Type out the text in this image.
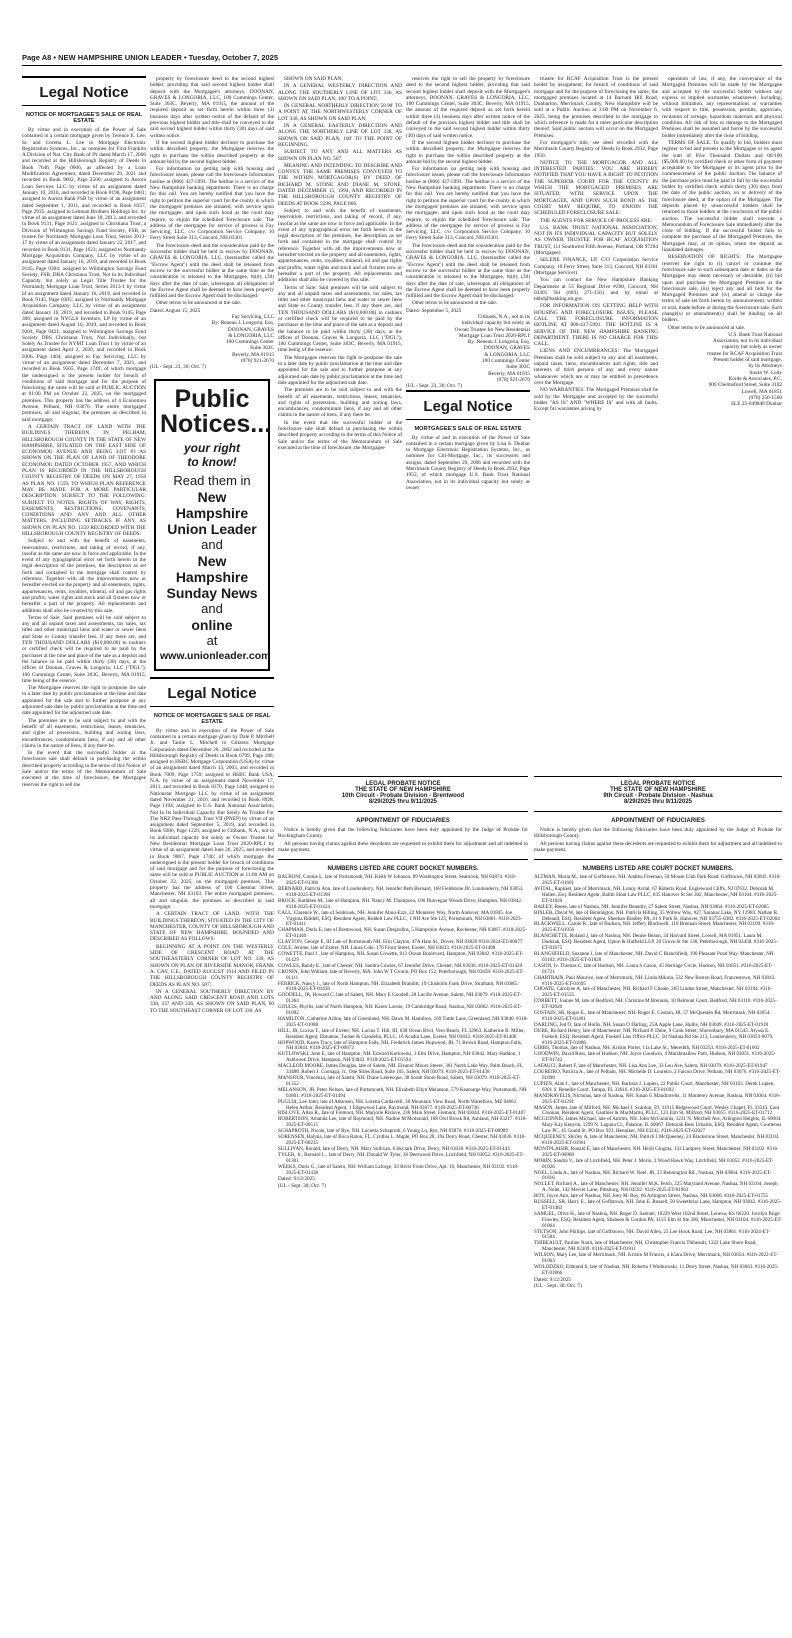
Page A8 • NEW HAMPSHIRE UNION LEADER • Tuesday, October 7, 2025
Legal Notice
NOTICE OF MORTGAGEE'S SALE OF REAL ESTATE

By virtue and in execution of the Power of Sale contained in a certain mortgage given by Terence E. Lee, Sr. and Coretta L. Lee to Mortgage Electronic Registration Systems, Inc., as nominee for First Franklin A Division of Nat. City Bank of IN dated March 17, 2006 and recorded at the Hillsborough Registry of Deeds in Book 7646, Page 0606, as affected by a Loan Modification Agreement, dated December 29, 2021 and recorded in Book 9602, Page 2500; assigned to Aurora Loan Services LLC by virtue of an assignment dated January 10, 2010, and recorded in Book 8196, Page 0481; assigned to Aurora Bank FSB by virtue of an assignment dated September 1, 2011, and recorded in Book 8357, Page 2935; assigned to Lehman Brothers Holdings Inc. by virtue of an assignment dated June 18, 2013, and recorded in Book 9131, Page 1621; assigned to Christiana Trust, a Division of Wilmington Savings Fund Society, FSB, as trustee for Normandy Mortgage Loan Trust, Series 2013-17 by virtue of an assignment dated January 22, 2017, and recorded in Book 9131, Page 1623; assigned to Normandy Mortgage Acquisition Company, LLC by virtue of an assignment dated January 16, 2019, and recorded in Book 9145, Page 0304; assigned to Wilmington Savings Fund Society, FSB, DBA Christiana Trust, Not in its Individual Capacity, but solely as Legal Title Trustee for the Normandy Mortgage Loan Trust, Series 2013-1 by virtue of an assignment dated January 16, 2019, and recorded in Book 9145, Page 0305; assigned to Normandy Mortgage Acquisition Company, LLC by virtue of an assignment dated January 16, 2019, and recorded in Book 9145, Page 306; assigned to NYGLS Investors, LP by virtue of an assignment dated August 16, 2019, and recorded in Book 9204, Page 0421; assigned to Wilmington Savings Fund Society DBS Christiana Trust, Not Individually, but Solely As Trustee for NYMT Loan Trust 1 by virtue of an assignment dated April 2, 2020, and recorded in Book 9306, Page 1404; assigned to Fay Servicing, LLC by virtue of an assignment dated December 7, 2021, and recorded in Book 9565, Page 1749; of which mortgage the undersigned is the present holder for breach of conditions of said mortgage and for the purpose of foreclosing the same will be sold at PUBLIC AUCTION at 01:00 PM on October 22, 2025, on the mortgaged premises. This property has the address of 4 Economou Avenue, Pelham, NH 03076. The entire mortgaged premises, all and singular, the premises as described in said mortgage:

A CERTAIN TRACT OF LAND WITH THE BUILDINGS THEREON IN PELHAM, HILLSBOROUGH COUNTY IN THE STATE OF NEW HAMPSHIRE, SITUATED ON THE EAST SIDE OF ECONOMOU AVENUE AND BEING LOT #3 AS SHOWN ON THE PLAN OF LAND OF THEODORE ECONOMOU DATED OCTOBER 1957, AND WHICH PLAN IS RECORDED IN THE HILLSBOROUGH COUNTY REGISTRY OF DEEDS ON MAY 27, 1958 AS PLAN NO. 1559. TO WHICH PLAN REFERENCE MAY BE MADE FOR A MORE PARTICULAR DESCRIPTION. SUBJECT TO THE FOLLOWING: SUBJECT TO NOTES, RIGHTS OF WAY, RIGHTS, EASEMENTS, RESTRICTIONS, COVENANTS, CONDITIONS AND ANY AND ALL OTHER MATTERS, INCLUDING SETBACKS IF ANY, AS SHOWN ON PLAN NO. 1559 RECORDED WITH THE HILLSBOROUGH COUNTY REGISTRY OF DEEDS.

Subject to and with the benefit of easements, reservations, restrictions, and taking of record, if any, insofar as the same are now in force and applicable. In the event of any typographical error set forth herein in the legal description of the premises, the description as set forth and contained in the mortgage shall control by reference. Together with all the improvements now or hereafter erected on the property and all easements, rights, appurtenances, rents, royalties, mineral, oil and gas rights and profits, water rights and stock and all fixtures now or hereafter a part of the property. All replacements and additions shall also be covered by this sale.

Terms of Sale: Said premises will be sold subject to any and all unpaid taxes and assessments, tax sales, tax titles and other municipal liens and water or sewer liens and State or County transfer fees, if any there are, and TEN THOUSAND DOLLARS ($10,000.00) in cashiers or certified check will be required to be paid by the purchaser at the time and place of the sale as a deposit and the balance to be paid within thirty (30) days, at the offices of Doonan, Graves & Longoria, LLC ("DGL"), 100 Cummings Center, Suite 303C, Beverly, MA 01915, time being of the essence.

The Mortgagee reserves the right to postpone the sale to a later date by public proclamation at the time and date appointed for the sale and to further postpone at any adjourned sale date by public proclamation at the time and date appointed for the adjourned sale date.

The premises are to be sold subject to and with the benefit of all easements, restrictions, leases, tenancies, and rights of possession, building and zoning laws, encumbrances, condominium liens, if any and all other claims in the nature of liens, if any there be.

In the event that the successful bidder at the foreclosure sale shall default in purchasing the within described property according to the terms of this Notice of Sale and/or the terms of the Memorandum of Sale executed at the time of foreclosure, the Mortgagee reserves the right to sell the

property by foreclosure deed to the second highest bidder, providing that said second highest bidder shall deposit with the Mortgagee's attorneys, DOONAN, GRAVES & LONGORIA, LLC, 100 Cummings Center, Suite 303C, Beverly, MA 01915, the amount of the required deposit as set forth herein within three (3) business days after written notice of the default of the previous highest bidder and title shall be conveyed to the said second highest bidder within thirty (30) days of said written notice.

If the second highest bidder declines to purchase the within described property, the Mortgagee reserves the right to purchase the within described property at the amount bid by the second highest bidder.

For information on getting help with housing and foreclosure issues, please call the foreclosure information hotline at (800) 437-5991. The hotline is a service of the New Hampshire banking department. There is no charge for this call. You are hereby notified that you have the right to petition the superior court for the county in which the mortgaged premises are situated, with service upon the mortgagee, and upon such bond as the court may require, to enjoin the scheduled foreclosure sale. The address of the mortgagee for service of process is Fay Servicing, LLC, c/o Corporation Service Company, 10 Ferry Street Suite 313, Concord, NH 03301.

The foreclosure deed and the consideration paid by the successful bidder shall be held in escrow by DOONAN, GRAVES & LONGORIA, LLC, (hereinafter called the "Escrow Agent") until the deed shall be released from escrow to the successful bidder at the same time as the consideration is released to the Mortgagee, thirty (30) days after the date of sale, whereupon all obligations of the Escrow Agent shall be deemed to have been properly fulfilled and the Escrow Agent shall be discharged.

Other terms to be announced at the sale.

Dated: August 15, 2025

Fay Servicing, LLC

By: Reneau J. Longoria, Esq.

DOONAN, GRAVES

& LONGORIA, LLC

100 Cummings Center

Suite 303C

Beverly, MA 01915

(978) 921-2670

(UL - Sept. 23, 30; Oct. 7)

Public
Notices...
your right
to know!
Read them in
New Hampshire
Union Leader
and
New Hampshire
Sunday News
and
online
at
www.unionleader.com
Legal Notice
NOTICE OF MORTGAGEE'S SALE OF REAL ESTATE

By virtue and in execution of the Power of Sale contained in a certain mortgage given by Dale P. Mitchell Jr. and Tamie L. Mitchell to Citizens Mortgage Corporation dated December 20, 2002 and recorded at the Hillsborough Registry of Deeds in Book 6799, Page 186; assigned to HSBC Mortgage Corporation (USA) by virtue of an assignment dated March 13, 2003, and recorded in Book 7009, Page 1759; assigned to HSBC Bank USA, N.A. by virtue of an assignment dated November 17, 2011, and recorded in Book 8370, Page 1448; assigned to Nationstar Mortgage LLC by virtue of an assignment dated November 21, 2016, and recorded in Book 8928, Page 1194; assigned to U.S. Bank National Association, Not In Its Individual Capacity But Solely As Trustee For The NRZ Pass-Through Trust VII (PNEP) by virtue of an assignment dated September 5, 2019, and recorded in Book 9206, Page 1226; assigned to Citibank, N.A., not in its individual capacity but solely as Owner Trustee for New Residential Mortgage Loan Trust 2020-RPL1 by virtue of an assignment dated June 26, 2025, and recorded in Book 9867, Page 1746; of which mortgage the undersigned is the present holder for breach of conditions of said mortgage and for the purpose of foreclosing the same will be sold at PUBLIC AUCTION at 11:00 AM on October 22, 2025, on the mortgaged premises. This property has the address of 100 Chestnut Street, Manchester, NH 03103. The entire mortgaged premises, all and singular, the premises as described in said mortgage:

A CERTAIN TRACT OF LAND, WITH THE BUILDINGS THEREON, SITUATED IN THE CITY OF MANCHESTER, COUNTY OF HILLSBOROUGH AND STATE OF NEW HAMPSHIRE, BOUNDED AND DESCRIBED AS FOLLOWS:

BEGINNING AT A POINT ON THE WESTERLY SIDE OF CRESCENT ROAD AT THE SOUTHEASTERLY CORNER OF LOT NO. 339, AS SHOWN ON PLAN OF RIVERSIDE MANOR, FRANK A. GAY, C.E., DATED AUGUST 1914 AND FILED IN THE HILLSBOROUGH COUNTY REGISTRY OF DEEDS AS PLAN NO. 507;

IN A GENERAL SOUTHERLY DIRECTION BY AND ALONG SAID CRESCENT ROAD AND LOTS 338, 337 AND 336, AS SHOWN ON SAID PLAN, 60 TO THE SOUTHEAST CORNER OF LOT 336, AS

SHOWN ON SAID PLAN;

IN A GENERAL WESTERLY DIRECTION AND ALONG THE SOUTHERLY LINE OF LOT 336, AS SHOWN ON SAID PLAN, 100' TO A POINT;

IN GENERAL NORTHERLY DIRECTION 58.98' TO A POINT AT THE NORTHWESTERLY CORNER OF LOT 338, AS SHOWN ON SAID PLAN;

IN A GENERAL EASTERLY DIRECTION AND ALONG THE NORTHERLY LINE OF LOT 338, AS SHOWN ON SAID PLAN, 100' TO THE POINT OF BEGINNING.

SUBJECT TO ANY AND ALL MATTERS AS SHOWN ON PLAN NO. 507.

MEANING AND INTENDING TO DESCRIBE AND CONVEY THE SAME PREMISES CONVEYED TO THE WITHIN MORTGAGOR(S) BY DEED OF RICHARD M. STONE AND DIANE M. STONE, DATED DECEMBER 15, 1994, AND RECORDED IN THE HILLSBOROUGH COUNTY REGISTRY OF DEEDS AT BOOK 5598, PAGE 866.

Subject to and with the benefit of easements, reservation, restrictions, and taking of record, if any, insofar as the same are now in force and applicable. In the event of any typographical error set forth herein in the legal description of the premises, the description as set forth and contained in the mortgage shall control by reference. Together with all the improvements now or hereafter erected on the property and all easements, rights, appurtenances, rents, royalties, mineral, oil and gas rights and profits, water rights and stock and all fixtures now or hereafter a part of the property. All replacements and additions shall also be covered by this sale.

Terms of Sale: Said premises will be sold subject to any and all unpaid taxes and assessments, tax sales, tax titles and other municipal liens and water or sewer liens and State or County transfer fees, if any there are, and TEN THOUSAND DOLLARS ($10,000.00) in cashiers or certified check will be required to be paid by the purchaser at the time and place of the sale as a deposit and the balance to be paid within thirty (30) days, at the offices of Doonan, Graves & Longoria, LLC ("DGL"), 100 Cummings Center, Suite 303C, Beverly, MA 01915, time being of the essence.

The Mortgagee reserves the right to postpone the sale to a later date by public proclamation at the time and date appointed for the sale and to further postpone at any adjourned sale date by public proclamation at the time and date appointed for the adjourned sale date.

The premises are to be sold subject to and with the benefit of all easements, restrictions, leases, tenancies, and rights of possession, building and zoning laws, encumbrances, condominium liens, if any and all other claims in the nature of liens, if any there be.

In the event that the successful bidder at the foreclosure sale shall default in purchasing the within described property according to the terms of this Notice of Sale and/or the terms of the Memorandum of Sale executed at the time of foreclosure, the Mortgagee

reserves the right to sell the property by foreclosure deed to the second highest bidder, providing that said second highest bidder shall deposit with the Mortgagee's attorneys, DOONAN, GRAVES & LONGORIA, LLC, 100 Cummings Center, Suite 303C, Beverly, MA 01915, the amount of the required deposit as set forth herein within three (3) business days after written notice of the default of the previous highest bidder and title shall be conveyed to the said second highest bidder within thirty (30) days of said written notice.

If the second highest bidder declines to purchase the within described property, the Mortgagee reserves the right to purchase the within described property at the amount bid by the second highest bidder.

For information on getting help with housing and foreclosure issues, please call the foreclosure information hotline at (800) 437-5991. The hotline is a service of the New Hampshire banking department. There is no charge for this call. You are hereby notified that you have the right to petition the superior court for the county in which the mortgaged premises are situated, with service upon the mortgagee, and upon such bond as the court may require, to enjoin the scheduled foreclosure sale. The address of the mortgagee for service of process is Fay Servicing, LLC, c/o Corporation Service Company, 10 Ferry Street Suite 313, Concord, NH 03301.

The foreclosure deed and the consideration paid by the successful bidder shall be held in escrow by DOONAN, GRAVES & LONGORIA, LLC, (hereinafter called the "Escrow Agent") until the deed shall be released from escrow to the successful bidder at the same time as the consideration is released to the Mortgagee, thirty (30) days after the date of sale, whereupon all obligations of the Escrow Agent shall be deemed to have been properly fulfilled and the Escrow Agent shall be discharged.

Other terms to be announced at the sale.

Dated: September 5, 2025

Citibank, N.A., not in its

individual capacity but solely as

Owner Trustee for New Residential

Mortgage Loan Trust 2020-RPL1

By: Reneau J. Longoria, Esq.

DOONAN, GRAVES

& LONGORIA, LLC

100 Cummings Center

Suite 303C

Beverly, MA 01915

(978) 921-2670

(UL - Sept. 23, 30; Oct. 7)

Legal Notice
MORTGAGEE'S SALE OF REAL ESTATE

By virtue of and in execution of the Power of Sale contained in a certain mortgage given by Lisa S. Dunbar to Mortgage Electronic Registration Systems, Inc., as nominee for Citi-Mortgage, Inc., its successors and assigns, dated September 29, 2006 and recorded with the Merrimack County Registry of Deeds in Book 2932, Page 1952, of which mortgage U.S. Bank Trust National Association, not in its individual capacity but solely as owner

trustee for RCAF Acquisition Trust is the present holder by assignment, for breach of conditions of said mortgage and for the purpose of foreclosing the same, the mortgaged premises located at 14 Barnard Hill Road, Dunbarton, Merrimack County, New Hampshire will be sold at a Public Auction at 3:00 PM on November 6, 2025, being the premises described in the mortgage to which reference is made for a more particular description thereof. Said public auction will occur on the Mortgaged Premises.

For mortgagor's title, see deed recorded with the Merrimack County Registry of Deeds in Book 2932, Page 1950.

NOTICE TO THE MORTGAGOR AND ALL INTERESTED PARTIES: YOU ARE HEREBY NOTIFIED THAT YOU HAVE A RIGHT TO PETITION THE SUPERIOR COURT FOR THE COUNTY IN WHICH THE MORTGAGED PREMISES ARE SITUATED, WITH SERVICE UPON THE MORTGAGEE, AND UPON SUCH BOND AS THE COURT MAY REQUIRE, TO ENJOIN THE SCHEDULED FORECLOSURE SALE.

THE AGENTS FOR SERVICE OF PROCESS ARE:

U.S. BANK TRUST NATIONAL ASSOCIATION, NOT IN ITS INDIVIDUAL CAPACITY BUT SOLELY AS OWNER TRUSTEE FOR RCAF ACQUISITION TRUST, 111 Southwest Fifth Avenue, Portland, OR 97204 (Mortgagee)

SELENE FINANCE, LP, C/O Corporation Service Company, 10 Ferry Street, Suite 313, Concord, NH 03301 (Mortgage Servicer)

You can contact the New Hampshire Banking Department at 53 Regional Drive #200, Concord, NH 03301 Tel (603) 271-3561 and by email at nhbd@banking.nh.gov.

FOR INFORMATION ON GETTING HELP WITH HOUSING AND FORECLOSURE ISSUES, PLEASE CALL THE FORECLOSURE INFORMATION HOTLINE AT 800-437-5991. THE HOTLINE IS A SERVICE OF THE NEW HAMPSHIRE BANKING DEPARTMENT. THERE IS NO CHARGE FOR THIS CALL.

LIENS AND ENCUMBRANCES: The Mortgaged Premises shall be sold subject to any and all easements, unpaid taxes, liens, encumbrances and rights, title and interests of third persons of any and every nature whatsoever which are or may be entitled to precedence over the Mortgage.

NO WARRANTIES: The Mortgaged Premises shall be sold by the Mortgagee and accepted by the successful bidder "AS IS" AND "WHERE IS" and with all faults. Except for warranties arising by

operation of law, if any, the conveyance of the Mortgaged Premises will be made by the Mortgagee and accepted by the successful bidder without any express or implied warranties whatsoever, including, without limitation, any representations or warranties with respect to title, possession, permits, approvals, recitation of acreage, hazardous materials and physical condition. All risk of loss or damage to the Mortgaged Premises shall be assumed and borne by the successful bidder immediately after the close of bidding.

TERMS OF SALE: To qualify to bid, bidders must register to bid and present to the Mortgagee or its agent the sum of Five Thousand Dollars and 00/100 ($5,000.00) by certified check or other form of payment acceptable to the Mortgagee or its agent prior to the commencement of the public auction. The balance of the purchase price must be paid in full by the successful bidder by certified check within thirty (30) days from the date of the public auction, on or delivery of the foreclosure deed, at the option of the Mortgagee. The deposits placed by unsuccessful bidders shall be returned to those bidders at the conclusion of the public auction. The successful bidder shall execute a Memorandum of Foreclosure Sale immediately after the close of bidding. If the successful bidder fails to complete the purchase of the Mortgaged Premises, the Mortgagee may, at its option, retain the deposit as liquidated damages.

RESERVATION OF RIGHTS: The Mortgagee reserves the right to (i) cancel or continue the foreclosure sale to such subsequent date or dates as the Mortgagee may deem necessary or desirable, (ii) bid upon and purchase the Mortgaged Premises at the foreclosure sale, (iii) reject any and all bids for the Mortgaged Premises and (iv) amend or change the terms of sale set forth herein by announcement, written or oral, made before or during the foreclosure sale. Such change(s) or amendment(s) shall be binding on all bidders.

Other terms to be announced at sale.

U.S. Bank Trust National

Association, not in its individual

capacity but solely as owner

trustee for RCAF Acquisition Trust

Present holder of said mortgage,

by its Attorneys

Susan W. Cody

Korde & Associates, P.C.

900 Chelmsford Street, Suite 3102

Lowell, MA 01851

(978) 256-1500

SLE 25-049848 Dunbar

LEGAL PROBATE NOTICE
THE STATE OF NEW HAMPSHIRE
10th Circuit - Probate Division - Brentwood
8/29/2025 thru 9/11/2025
APPOINTMENT OF FIDUCIARIES

Notice is hereby given that the following fiduciaries have been duly appointed by the Judge of Probate for Rockingham County.

All persons having claims against these decedents are requested to exhibit them for adjustment and all indebted to make payment.

NUMBERS LISTED ARE COURT DOCKET NUMBERS.

BALBONI, Connie L, late of Portsmouth, NH. Keith W Johnson, 89 Washington Street, Seabrook, NH 03874. #318-2025-ET-01366

BERNARD, Patricia Ann, late of Londonderry, NH. Jennifer Beth Bernard, 168 Fieldstone Dr, Londonderry, NH 03053. #318-2025-ET-01398

BROCK, Kathleen M., late of Hampton, NH. Nancy M. Thompson, 106 Dunvegan Woods Drive, Hampton, NH 03842. #318-2025-ET-01424

CALL, Clarence W., late of Seabrook, NH. Jennifer Abou-Ezzi, 22 Monterey Way, North Andover, MA 01845. Joe Virginia Riddell, ESQ. Resident Agent, Riddell Law PLLC, 1 NH Ave Ste 125, Portsmouth, NH 03801. #318-2025-ET-01411

CHAPMAN, Doris E, late of Brentwood, NH. Susan Desjardins, 5 Hampshire Avenue, Rochester, NH 03867. #318-2025-ET-01440

CLAYTON, George E, III Late of Portsmouth NH. Erin Clayton, 47A Ham St., Dover, NH 03820 #318-2024-ET-00077.

COLE, Jerome, late of Exeter, NH. Laura Cole, 176 Front Street, Exeter, NH 03833. #318-2025-ET-01498

COWETTE, Paul J., late of Hampton, NH. Susan Cowette, 813 Ocean Boulevard, Hampton, NH 03842. #318-2025-ET-01429

COWLES, Randy E., late of Chester, NH. Sandra Cowles, 67 Jennifer Drive, Chester, NH 03036. #318-2025-ET-01420

CRONIN, John William, late of Beverly, MA. John W T Cronin, PO Box 152, Peterborough, NH 03458. #318-2025-ET-01111

FERRICK, Nancy J., late of North Hampton, NH. Elizabeth Bramlitt, 19 Chisholm Farm Drive, Stratham, NH 03885. #318-2025-ET-01456

GOODELL, JR, Howard C, late of Salem, NH. Mary E Goodell, 28 Lucille Avenue, Salem, NH 03079. #318-2025-ET-01364

GOULIS, Phyllis, late of North Hampton, NH. Karen Lavoie, 19 Cambridge Road, Nashua, NH 03062. #318-2025-ET-01092

HAMILTON, Catherine Arline, late of Greenland, NH. Dawn M. Hamilton, 169 Tuttle Lane, Greenland, NH 03840. #318-2025-ET-01088

HILL, JR, Lucius T., late of Exeter, NH. Lucius T. Hill, III, 638 Ocean Blvd, Vero Beach, FL 32963. Katherine B. Miller, Resident Agent, Donahue, Tucker & Ciandella, PLLC, 16 Acadia Lane, Exeter, NH 03833. #318-2025-ET-01408

HOPWOOD, Karen Tracy, late of Hampton Falls, NH. Frederick James Hopwood, JR, 71 Brown Road, Hampton Falls, NH 03844. #318-2025-ET-00872

KUTLOWSKI, John E, late of Hampton, NH. Edward Kutlowski, 3 Elm Drive, Hampton, NH 03842. Mary Haddon, 1 Ashbrook Drive, Hampton, NH 03842. #318-2025-ET-01594

MACLEOD MOORE, James Douglas, late of Salem, NH. Eleanor Moore Steere, 301 North Lake Way, Palm Beach, FL 33480. Robert J. Coonaga, Jr., One Stiles Road, Suite 105, Salem, NH 03079. #318-2025-ET-01458

MANSOUR, Vincenza, late of Salem, NH. Diane Labrecque, 38 South Shore Road, Salem, NH 03079. #318-2025-ET-01352

MELANSON, JR, Peter Nelson, late of Portsmouth, NH. Elizabeth Ellyn Melanson, 579 Kearsarge Way, Portsmouth, NH 03801. #318-2025-ET-01494

PUGLIA, Lee John, late of Atkinson, NH. Loretta Cardavelli, 38 Mountain View Road, North Waterboro, ME 04061. Helen Arthur, Resident Agent, 1 Edgewood Lane, Raymond, NH 03077. #318-2025-ET-00736

RISLOVE, Allan R., late of Fremont, NH. Marjorie Rislove, 236 Main Street, Fremont, NH 03044. #318-2025-ET-01407

ROBERTSON, Amanda Lee, late of Raymond, NH. Nadine M Mcdonald, 188 Owl Brook Rd, Ashland, NH 03217. #318-2025-ET-00515

SCHAPROTH, Nicole, late of Rye, NH. Lucretia Schaproth, 6 Young Ln, Rye, NH 03870. #318-2025-ET-00909

SORENSEN, Halyna, late of Boca Raton, FL. Cynthia L. Maple, PO Box 28, 19a Derry Road, Chester, NH 03036. #318-2025-ET-00235

SULLIVAN, Ronald, late of Derry, NH. Mary Sullivan, 6 Skylark Drive, Derry, NH 03038. #318-2025-ET-01443

TYLER, Jr., Bernard L., late of Derry, NH. Donald W. Tyler, 36 Deerwood Drive, Litchfield, NH 03052. #318-2025-ET-01301

WEEKS, Doris G., late of Salem, NH. William Laforge, 33 River Front Drive, Apt. 10, Manchester, NH 03102. #318-2025-ET-01438

Dated: 9/12/2025

(UL - Sept. 30; Oct. 7)

LEGAL PROBATE NOTICE
THE STATE OF NEW HAMPSHIRE
9th Circuit - Probate Division - Nashua
8/29/2025 thru 9/11/2025
APPOINTMENT OF FIDUCIARIES

Notice is hereby given that the following fiduciaries have been duly appointed by the Judge of Probate for Hillsborough County.

All persons having claims against these decedents are requested to exhibit them for adjustment and all indebted to make payment.

NUMBERS LISTED ARE COURT DOCKET NUMBERS.

ALTMAN, Maria M., late of Goffstown, NH. Andrea Freeman, 58 Moose Club Park Road, Goffstown, NH 03045. #316-2025-ET-01601

AVITAL, Raphael, late of Merrimack, NH. Lonny Avital, 67 Roberts Road, Englewood Cliffs, NJ 07632. Deborah M. Hallen, Esq. Resident Agent, Ballin Sloat Law PLLC, 835 Hanover St Ste 302, Manchester, NH 03104. #316-2025-ET-01826

BAILEY, Reese, late of Nashua, NH. Jennifer Beaudry, 27 Salem Street, Nashua, NH 03064. #316-2025-ET-02085

BIXLER, David W, late of Bennington, NH. Patricia Hilling, 35 Willow Way, #27, Saranac Lake, NY 12983. Nathan R. Deleault, ESQ. Resident Agent, Sheehan Bradley PA, 41 S Park St, Hanover, NH 03755-0382. #316-2025-ET-02004

BLACKWELL, Carole R., late of Hudson, NH. Jeffery Blackwell, 110 Brennan Street, Manchester, NH 03109. #316-2025-ET-01956

BLANCHETTE, Roland J, late of Nashua, NH. Denise Beaun, 34 Harvard Street, Lowell, MA 01851. Laura M. Dudziak, ESQ. Resident Agent, Upton & Hatfield LLP, 20 Grove St Ste 130, Peterborough, NH 03458. #316-2025-ET-01675

BLANCHFIELD, Suzanne J, late of Manchester, NH. David C Blanchfield, 190 Pleasant Pond Way, Manchester, NH 03102. #316-2025-ET-01828

CASON, Iv. Thomas C, late of Hudson, NH. Laura S Cason, 45 Heritage Circle, Hudson, NH 03051. #316-2025-ET-01721

CHARTRAIN, Paul Maurice, late of Merrimack, NH. Linda Mikula, 532 New Boston Road, Francestown, NH 03043. #316-2025-ET-01695

CHOATE, Carolyne A, late of Manchester, NH. Richard F Choate, 265 Linden Street, Manchester, NH 03104. #316-2025-ET-01535

CORBETT, Joanne M, late of Bedford, NH. Christine M Brennan, 10 Belmont Court, Bedford, NH 03110. #316-2025-ET-02020

COSTAIN, SR, Roger E., late of Manchester, NH. Roger E. Costain, JR, 57 McQuesten Rd, Merrimack, NH 03054. #316-2025-ET-01481

DARLING, Jed O, late of Hollis, NH. Susan O Darling, 25A Apple Lane, Hollis, NH 03049. #316-2025-ET-01918

DUBE, Richard Henry, late of Manchester, NH. Richard P. Dube, 9 Cook Street, Shrewsbury, MA 01545. Alyssa E. Foekell, ESQ. Resident Agent, Foekell Law Office PLLC, 50 Nashua Rd Ste 213, Londonderry, NH 03053-0079. #316-2025-ET-01886

GIBBS, Thomas, late of Nashua, NH. Kristin Porter, 11a Lake St., Meredith, NH 03253. #316-2025-ET-01602

GOODWIN, David Ross, late of Hudson, NH. Joyce Goodwin, 4 Marshmallow Path, Hudson, NH 03051. #316-2025-ET-01742

LAFAUCI, Robert F, late of Manchester, NH. Lisa Ann Lee, 33 Leu Ave, Salem, NH 03079. #316-2025-ET-01947

LOUREIRO, Patricia A., late of Pelham, NH. Michelle D. Loureiro, 2 Falcon Drive, Pelham, NH 03076. #316-2025-ET-01898

LUPIEN, Alan J., late of Manchester, NH. Barbara J. Lupien, 22 Public Court, Manchester, NH 03103. Derek Lupien, 6301 S. Renellie Court, Tampa, FL 33616. #316-2025-ET-01692

MANDRAVELIS, Nicholas, late of Nashua, NH. Susan G Mandravelis, 11 Monterey Avenue, Nashua, NH 03064. #316-2025-ET-01291

MASON, James, late of Milford, NH. Michael J. Scanlon, 59, 31915 Ridgewood Court, Wesley Chapel, FL 33543. Cara Cloonan, Resident Agent, Gauthier & MacMartin, PLLC, 123 Elm St, Milford, NH 03055. #316-2025-ET-01712

MCGUINNIS, James Michael, late of Antrim, NH. John McGuinnis, 1231 N. Mitchell Ave, Arlington Heights, IL 60004. Mary Kay Kenyon, 1299 N. Laguna Ct., Palatine, IL 60067. Deborah Bess Urbaitis, ESQ. Resident Agent, Courteous Law PC, 45 Gould St, PO Box 923, Henniker, NH 03242. #316-2025-ET-02027

MCQUEENEY, Shirley A, late of Manchester, NH. Patrick J McQueeney, 24 Blackstone Street, Manchester, NH 03103. #316-2025-ET-01961

MONTPLAISIR, Ronald E, late of Manchester, NH. Heidi Gingras, 133 Lamprey Street, Manchester, NH 03102. #316-2025-ET-00980

MORIN, Sandra V., late of Litchfield, NH. Peter J. Morin, 3 Wood Hawk Way, Litchfield, NH 03052. #316-2025-ET-01926

NOEL, Linda A., late of Nashua, NH. Richard W. Noel, JR, 25 Bennington Rd., Nashua, NH 03064. #316-2025-ET-01816

NOLLET, Richard A., late of Manchester, NH. Jennifer M.K. Felch, 225 Maryland Avenue, Nashua, NH 03104. Joseph A. Nolet, 142 Mercer Lane, Pittsburg, NH 03592. #316-2025-ET-01963

ROY, Joyce Ann, late of Nashua, NH. Joey M. Roy, 66 Arlington Street, Nashua, NH 03060. #316-2025-ET-01755

RUSSELL, SR, Harry E., late of Goffstown, NH. John E. Russell, 50 Sweetbriar Lane, Hampton, NH 03842. #316-2025-ET-01483

SAMUEL, Olive H., late of Nashua, NH. Roger D. Samuel, 19229 West 102nd Street, Lenexa, KS 66220. Jocelyn Paige Frawley, ESQ. Resident Agent, Shaheen & Gordon PA, 1155 Elm St Ste 300, Manchester, NH 03104. #316-2025-ET-01864

STETSON, John Phillips, late of Goffstown, NH. David Allen, 23 Lee Hook Road, Lee, NH 03861. #316-2024-ET-01584

THIBEAULT, Pauline Nault, late of Manchester, NH. Christopher Francis Thibeault, 1222 Lake Shore Road, Manchester, NH 03109. #316-2025-ET-01811

WILSON, Mary Lee, late of Merrimack, NH. Kristin M Francis, 4 Klara Drive, Merrimack, NH 03054. #316-2022-ET-01063

WOLODZKO, Edmund S, late of Nashua, NH. Roberta J Woitkowski, 11 Derry Street, Nashua, NH 03063. #316-2025-ET-01866

Dated: 9/12/2025

(UL - Sept. 30; Oct. 7)
